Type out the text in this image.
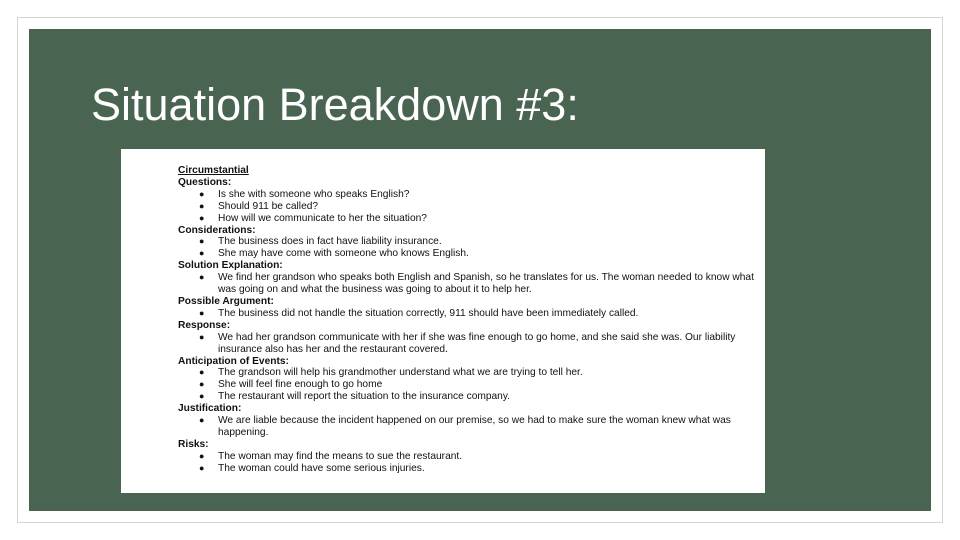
Situation Breakdown #3:
Circumstantial
Questions:
● Is she with someone who speaks English?
● Should 911 be called?
● How will we communicate to her the situation?
Considerations:
● The business does in fact have liability insurance.
● She may have come with someone who knows English.
Solution Explanation:
● We find her grandson who speaks both English and Spanish, so he translates for us. The woman needed to know what was going on and what the business was going to about it to help her.
Possible Argument:
● The business did not handle the situation correctly, 911 should have been immediately called.
Response:
● We had her grandson communicate with her if she was fine enough to go home, and she said she was. Our liability insurance also has her and the restaurant covered.
Anticipation of Events:
● The grandson will help his grandmother understand what we are trying to tell her.
● She will feel fine enough to go home
● The restaurant will report the situation to the insurance company.
Justification:
● We are liable because the incident happened on our premise, so we had to make sure the woman knew what was happening.
Risks:
● The woman may find the means to sue the restaurant.
● The woman could have some serious injuries.
